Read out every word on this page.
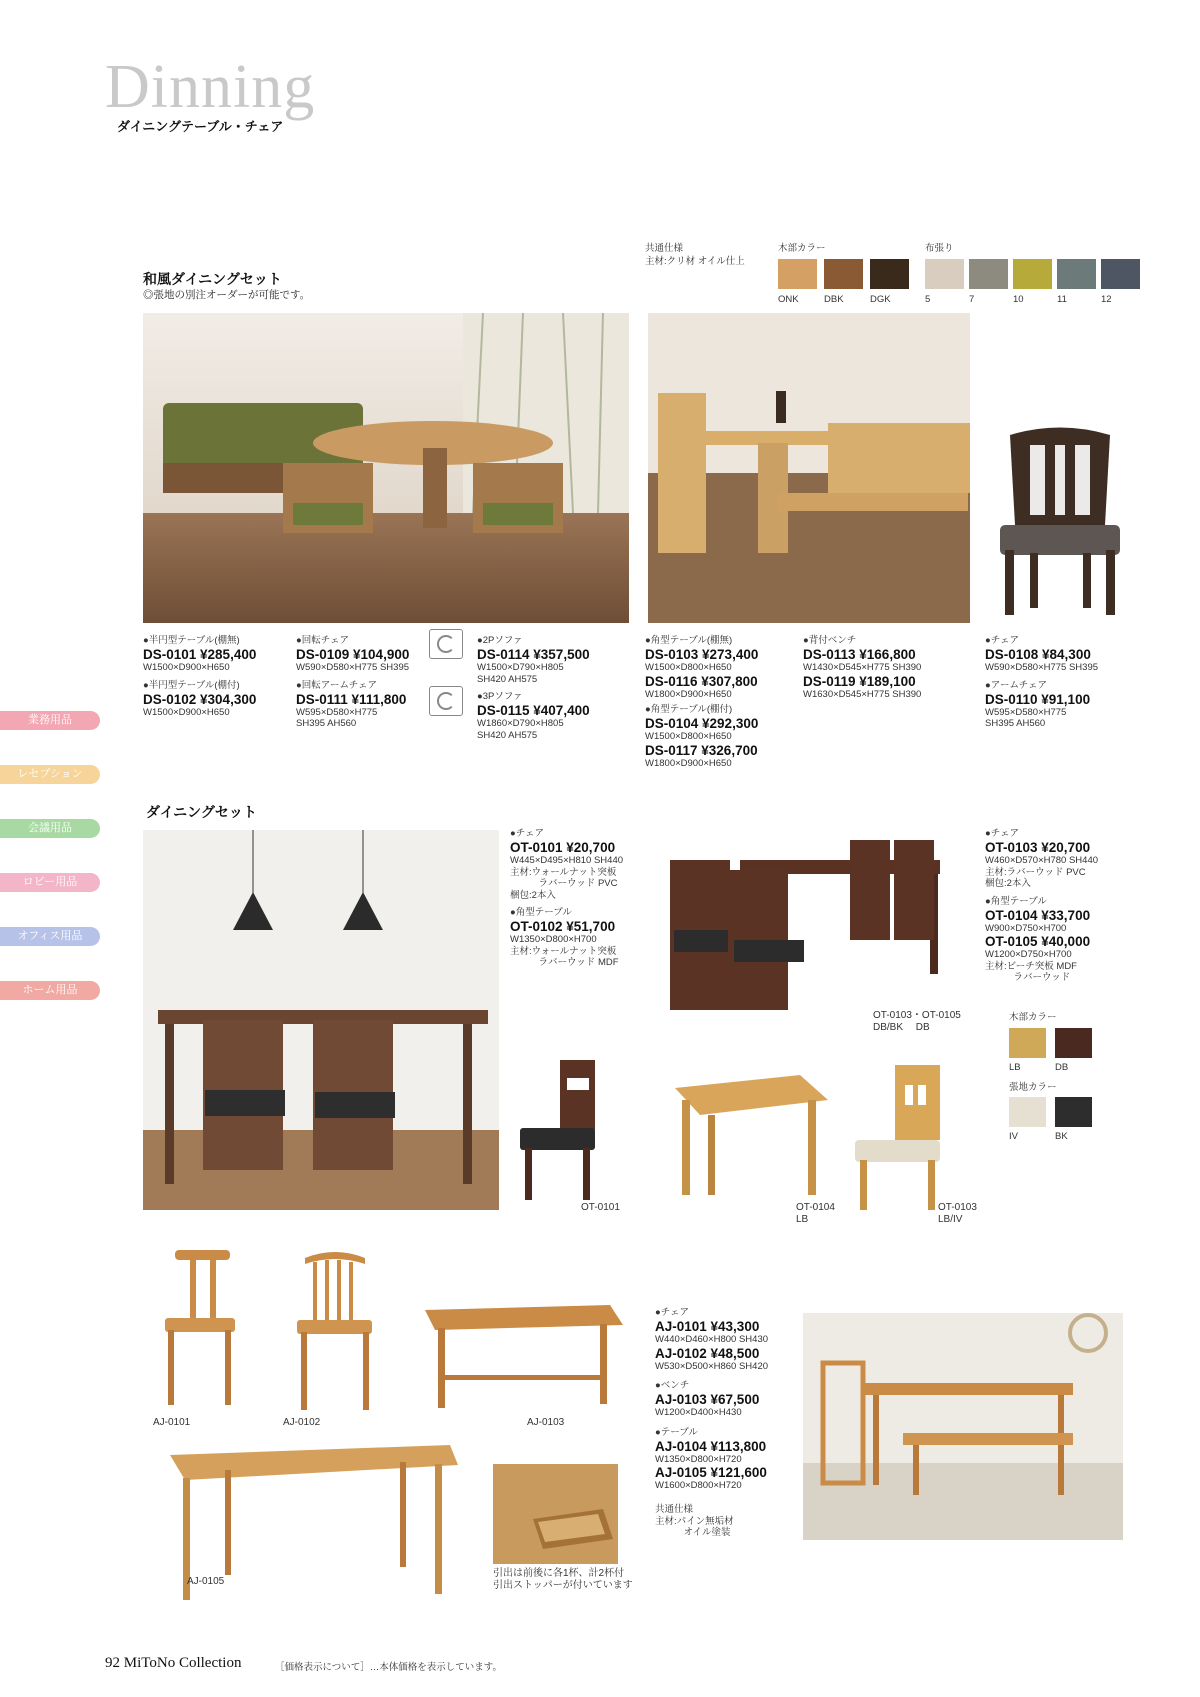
Dinning
ダイニングテーブル・チェア
業務用品
レセプション
会議用品
ロビー用品
オフィス用品
ホーム用品
和風ダイニングセット
◎張地の別注オーダーが可能です。
共通仕様
主材:クリ材 オイル仕上
木部カラー	布張り
ONK	DBK	DGK	5	7	10	11	12
●半円型テーブル(棚無)
DS-0101 ¥285,400
W1500×D900×H650
●半円型テーブル(棚付)
DS-0102 ¥304,300
W1500×D900×H650
●回転チェア
DS-0109 ¥104,900
W590×D580×H775 SH395
●回転アームチェア
DS-0111 ¥111,800
W595×D580×H775
SH395 AH560
●2Pソファ
DS-0114 ¥357,500
W1500×D790×H805
SH420 AH575
●3Pソファ
DS-0115 ¥407,400
W1860×D790×H805
SH420 AH575
●角型テーブル(棚無)
DS-0103 ¥273,400
W1500×D800×H650
DS-0116 ¥307,800
W1800×D900×H650
●角型テーブル(棚付)
DS-0104 ¥292,300
W1500×D800×H650
DS-0117 ¥326,700
W1800×D900×H650
●背付ベンチ
DS-0113 ¥166,800
W1430×D545×H775 SH390
DS-0119 ¥189,100
W1630×D545×H775 SH390
●チェア
DS-0108 ¥84,300
W590×D580×H775 SH395
●アームチェア
DS-0110 ¥91,100
W595×D580×H775
SH395 AH560
ダイニングセット
●チェア
OT-0101 ¥20,700
W445×D495×H810 SH440
主材:ウォールナット突板
　　　ラバーウッド PVC
梱包:2本入
●角型テーブル
OT-0102 ¥51,700
W1350×D800×H700
主材:ウォールナット突板
　　　ラバーウッド MDF
●チェア
OT-0103 ¥20,700
W460×D570×H780 SH440
主材:ラバーウッド PVC
梱包:2本入
●角型テーブル
OT-0104 ¥33,700
W900×D750×H700
OT-0105 ¥40,000
W1200×D750×H700
主材:ビーチ突板 MDF
　　　ラバーウッド
OT-0103・OT-0105
DB/BK　 DB
木部カラー
張地カラー
LB	DB
IV	BK
OT-0101	OT-0104
LB
OT-0103
LB/IV
AJ-0101	AJ-0102	AJ-0103
AJ-0105
引出は前後に各1杯、計2杯付
引出ストッパーが付いています
●チェア
AJ-0101 ¥43,300
W440×D460×H800 SH430
AJ-0102 ¥48,500
W530×D500×H860 SH420
●ベンチ
AJ-0103 ¥67,500
W1200×D400×H430
●テーブル
AJ-0104 ¥113,800
W1350×D800×H720
AJ-0105 ¥121,600
W1600×D800×H720
共通仕様
主材:パイン無垢材
　　　オイル塗装
92 MiToNo Collection	［価格表示について］…本体価格を表示しています。
